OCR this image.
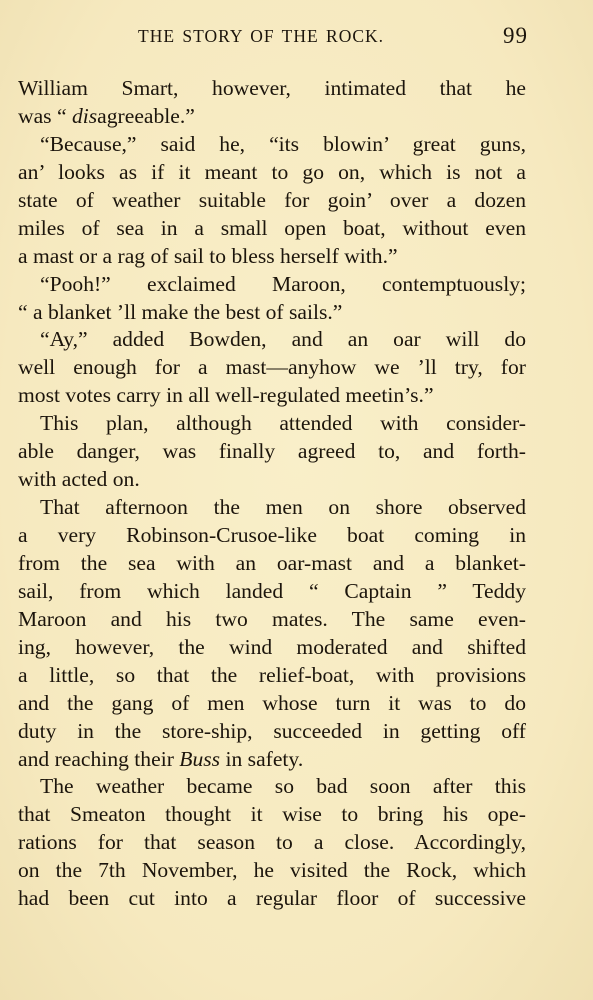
THE STORY OF THE ROCK.	99
William Smart, however, intimated that he
was “ disagreeable.”
“Because,” said he, “its blowin’ great guns,
an’ looks as if it meant to go on, which is not a
state of weather suitable for goin’ over a dozen
miles of sea in a small open boat, without even
a mast or a rag of sail to bless herself with.”
“Pooh!” exclaimed Maroon, contemptuously;
“ a blanket ’ll make the best of sails.”
“Ay,” added Bowden, and an oar will do
well enough for a mast—anyhow we ’ll try, for
most votes carry in all well-regulated meetin’s.”
This plan, although attended with consider-
able danger, was finally agreed to, and forth-
with acted on.
That afternoon the men on shore observed
a very Robinson-Crusoe-like boat coming in
from the sea with an oar-mast and a blanket-
sail, from which landed “ Captain ” Teddy
Maroon and his two mates. The same even-
ing, however, the wind moderated and shifted
a little, so that the relief-boat, with provisions
and the gang of men whose turn it was to do
duty in the store-ship, succeeded in getting off
and reaching their Buss in safety.
The weather became so bad soon after this
that Smeaton thought it wise to bring his ope-
rations for that season to a close. Accordingly,
on the 7th November, he visited the Rock, which
had been cut into a regular floor of successive
